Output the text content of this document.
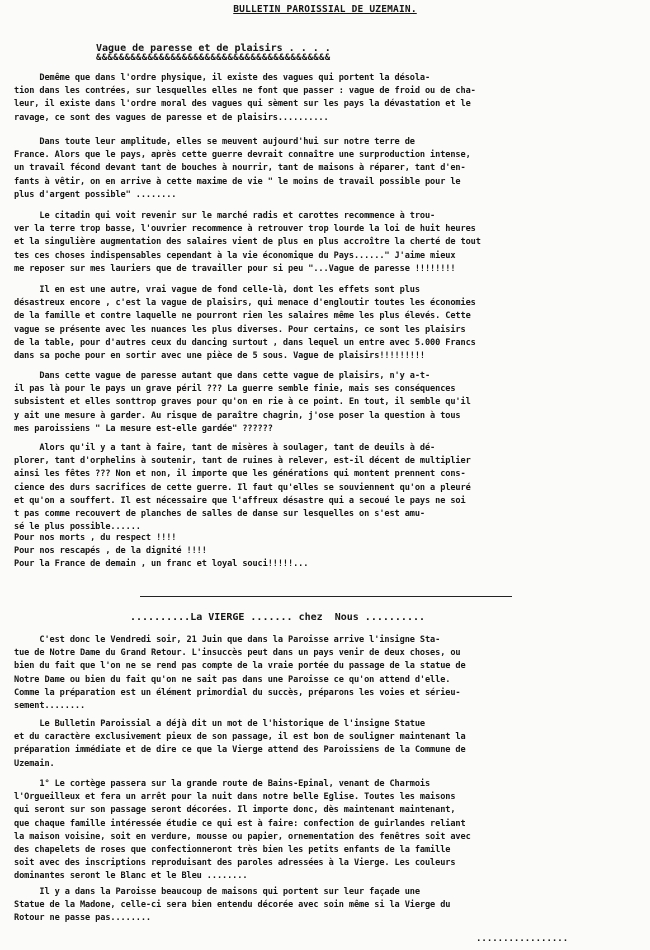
BULLETIN PAROISSIAL DE UZEMAIN.
Vague de paresse et de plaisirs . . . .
&&&&&&&&&&&&&&&&&&&&&&&&&&&&&&&&&&&&&&&&&
Demême que dans l'ordre physique, il existe des vagues qui portent la désola-
tion dans les contrées, sur lesquelles elles ne font que passer : vague de froid ou de cha-
leur, il existe dans l'ordre moral des vagues qui sèment sur les pays la dévastation et le
ravage, ce sont des vagues de paresse et de plaisirs..........
Dans toute leur amplitude, elles se meuvent aujourd'hui sur notre terre de
France. Alors que le pays, après cette guerre devrait connaître une surproduction intense,
un travail fécond devant tant de bouches à nourrir, tant de maisons à réparer, tant d'en-
fants à vêtir, on en arrive à cette maxime de vie " le moins de travail possible pour le
plus d'argent possible" ........
Le citadin qui voit revenir sur le marché radis et carottes recommence à trou-
ver la terre trop basse, l'ouvrier recommence à retrouver trop lourde la loi de huit heures
et la singulière augmentation des salaires vient de plus en plus accroître la cherté de tout
tes ces choses indispensables cependant à la vie économique du Pays......" J'aime mieux
me reposer sur mes lauriers que de travailler pour si peu "...Vague de paresse !!!!!!!!
Il en est une autre, vrai vague de fond celle-là, dont les effets sont plus
désastreux encore , c'est la vague de plaisirs, qui menace d'engloutir toutes les économies
de la famille et contre laquelle ne pourront rien les salaires même les plus élevés. Cette
vague se présente avec les nuances les plus diverses. Pour certains, ce sont les plaisirs
de la table, pour d'autres ceux du dancing surtout , dans lequel un entre avec 5.000 Francs
dans sa poche pour en sortir avec une pièce de 5 sous. Vague de plaisirs!!!!!!!!!
Dans cette vague de paresse autant que dans cette vague de plaisirs, n'y a-t-
il pas là pour le pays un grave péril ??? La guerre semble finie, mais ses conséquences
subsistent et elles sonttrop graves pour qu'on en rie à ce point. En tout, il semble qu'il
y ait une mesure à garder. Au risque de paraître chagrin, j'ose poser la question à tous
mes paroissiens " La mesure est-elle gardée" ??????
Alors qu'il y a tant à faire, tant de misères à soulager, tant de deuils à dé-
plorer, tant d'orphelins à soutenir, tant de ruines à relever, est-il décent de multiplier
ainsi les fêtes ??? Non et non, il importe que les générations qui montent prennent cons-
cience des durs sacrifices de cette guerre. Il faut qu'elles se souviennent qu'on a pleuré
et qu'on a souffert. Il est nécessaire que l'affreux désastre qui a secoué le pays ne soi
t pas comme recouvert de planches de salles de danse sur lesquelles on s'est amu-
sé le plus possible......
Pour nos morts , du respect !!!!
Pour nos rescapés , de la dignité !!!!
Pour la France de demain , un franc et loyal souci!!!!!...
..........La VIERGE ....... chez  Nous ..........
C'est donc le Vendredi soir, 21 Juin que dans la Paroisse arrive l'insigne Sta-
tue de Notre Dame du Grand Retour. L'insuccès peut dans un pays venir de deux choses, ou
bien du fait que l'on ne se rend pas compte de la vraie portée du passage de la statue de
Notre Dame ou bien du fait qu'on ne sait pas dans une Paroisse ce qu'on attend d'elle.
Comme la préparation est un élément primordial du succès, préparons les voies et sérieu-
sement........
Le Bulletin Paroissial a déjà dit un mot de l'historique de l'insigne Statue
et du caractère exclusivement pieux de son passage, il est bon de souligner maintenant la
préparation immédiate et de dire ce que la Vierge attend des Paroissiens de la Commune de
Uzemain.
1° Le cortège passera sur la grande route de Bains-Epinal, venant de Charmois
l'Orgueilleux et fera un arrêt pour la nuit dans notre belle Eglise. Toutes les maisons
qui seront sur son passage seront décorées. Il importe donc, dès maintenant maintenant,
que chaque famille intéressée étudie ce qui est à faire: confection de guirlandes reliant
la maison voisine, soit en verdure, mousse ou papier, ornementation des fenêtres soit avec
des chapelets de roses que confectionneront très bien les petits enfants de la famille
soit avec des inscriptions reproduisant des paroles adressées à la Vierge. Les couleurs
dominantes seront le Blanc et le Bleu ........
Il y a dans la Paroisse beaucoup de maisons qui portent sur leur façade une
Statue de la Madone, celle-ci sera bien entendu décorée avec soin même si la Vierge du
Rotour ne passe pas........
.................
